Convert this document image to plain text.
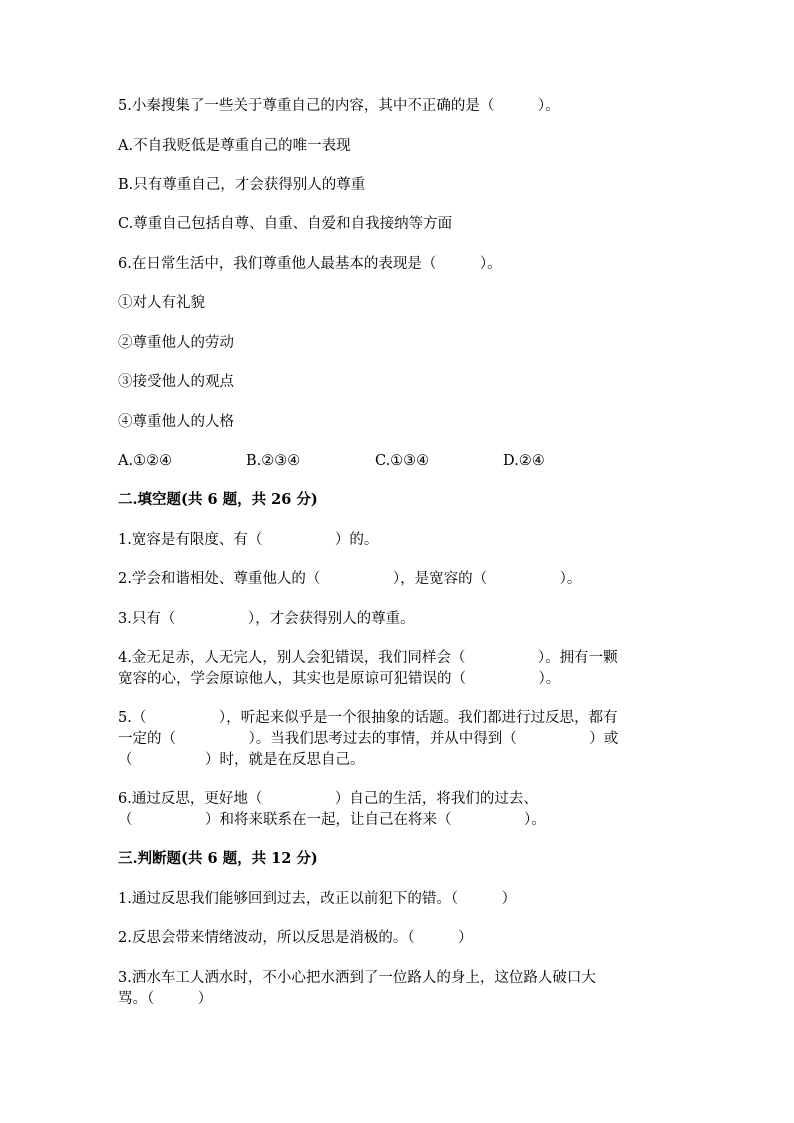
5.小秦搜集了一些关于尊重自己的内容，其中不正确的是（　　　）。

A.不自我贬低是尊重自己的唯一表现

B.只有尊重自己，才会获得别人的尊重

C.尊重自己包括自尊、自重、自爱和自我接纳等方面

6.在日常生活中，我们尊重他人最基本的表现是（　　　）。

①对人有礼貌

②尊重他人的劳动

③接受他人的观点

④尊重他人的人格

A.①②④	B.②③④	C.①③④	D.②④

二.填空题(共 6 题，共 26 分)

1.宽容是有限度、有（　　　　　）的。

2.学会和谐相处、尊重他人的（　　　　　），是宽容的（　　　　　）。

3.只有（　　　　　），才会获得别人的尊重。

4.金无足赤，人无完人，别人会犯错误，我们同样会（　　　　　）。拥有一颗

宽容的心，学会原谅他人，其实也是原谅可犯错误的（　　　　　）。

5.（　　　　　），听起来似乎是一个很抽象的话题。我们都进行过反思，都有

一定的（　　　　　）。当我们思考过去的事情，并从中得到（　　　　　）或

（　　　　　）时，就是在反思自己。

6.通过反思，更好地（　　　　　）自己的生活，将我们的过去、

（　　　　　）和将来联系在一起，让自己在将来（　　　　　）。

三.判断题(共 6 题，共 12 分)

1.通过反思我们能够回到过去，改正以前犯下的错。（　　　）

2.反思会带来情绪波动，所以反思是消极的。（　　　）

3.洒水车工人洒水时，不小心把水洒到了一位路人的身上，这位路人破口大

骂。（　　　）
